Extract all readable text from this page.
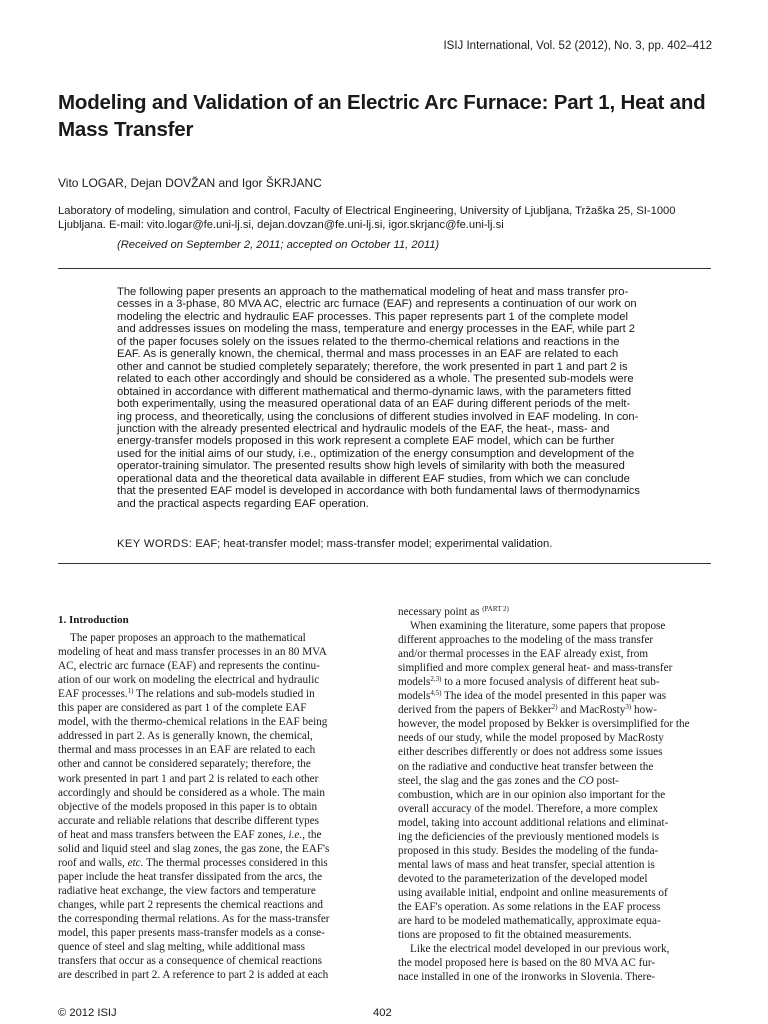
ISIJ International, Vol. 52 (2012), No. 3, pp. 402–412
Modeling and Validation of an Electric Arc Furnace: Part 1, Heat and Mass Transfer
Vito LOGAR, Dejan DOVŽAN and Igor ŠKRJANC
Laboratory of modeling, simulation and control, Faculty of Electrical Engineering, University of Ljubljana, Tržaška 25, SI-1000
Ljubljana. E-mail: vito.logar@fe.uni-lj.si, dejan.dovzan@fe.uni-lj.si, igor.skrjanc@fe.uni-lj.si
(Received on September 2, 2011; accepted on October 11, 2011)
The following paper presents an approach to the mathematical modeling of heat and mass transfer pro-
cesses in a 3-phase, 80 MVA AC, electric arc furnace (EAF) and represents a continuation of our work on
modeling the electric and hydraulic EAF processes. This paper represents part 1 of the complete model
and addresses issues on modeling the mass, temperature and energy processes in the EAF, while part 2
of the paper focuses solely on the issues related to the thermo-chemical relations and reactions in the
EAF. As is generally known, the chemical, thermal and mass processes in an EAF are related to each
other and cannot be studied completely separately; therefore, the work presented in part 1 and part 2 is
related to each other accordingly and should be considered as a whole. The presented sub-models were
obtained in accordance with different mathematical and thermo-dynamic laws, with the parameters fitted
both experimentally, using the measured operational data of an EAF during different periods of the melt-
ing process, and theoretically, using the conclusions of different studies involved in EAF modeling. In con-
junction with the already presented electrical and hydraulic models of the EAF, the heat-, mass- and
energy-transfer models proposed in this work represent a complete EAF model, which can be further
used for the initial aims of our study, i.e., optimization of the energy consumption and development of the
operator-training simulator. The presented results show high levels of similarity with both the measured
operational data and the theoretical data available in different EAF studies, from which we can conclude
that the presented EAF model is developed in accordance with both fundamental laws of thermodynamics
and the practical aspects regarding EAF operation.
KEY WORDS: EAF; heat-transfer model; mass-transfer model; experimental validation.
1. Introduction
The paper proposes an approach to the mathematical
modeling of heat and mass transfer processes in an 80 MVA
AC, electric arc furnace (EAF) and represents the continu-
ation of our work on modeling the electrical and hydraulic
EAF processes.$^{1)}$ The relations and sub-models studied in
this paper are considered as part 1 of the complete EAF
model, with the thermo-chemical relations in the EAF being
addressed in part 2. As is generally known, the chemical,
thermal and mass processes in an EAF are related to each
other and cannot be considered separately; therefore, the
work presented in part 1 and part 2 is related to each other
accordingly and should be considered as a whole. The main
objective of the models proposed in this paper is to obtain
accurate and reliable relations that describe different types
of heat and mass transfers between the EAF zones, i.e., the
solid and liquid steel and slag zones, the gas zone, the EAF's
roof and walls, etc. The thermal processes considered in this
paper include the heat transfer dissipated from the arcs, the
radiative heat exchange, the view factors and temperature
changes, while part 2 represents the chemical reactions and
the corresponding thermal relations. As for the mass-transfer
model, this paper presents mass-transfer models as a conse-
quence of steel and slag melting, while additional mass
transfers that occur as a consequence of chemical reactions
are described in part 2. A reference to part 2 is added at each
necessary point as $^{(PART 2)}$
When examining the literature, some papers that propose
different approaches to the modeling of the mass transfer
and/or thermal processes in the EAF already exist, from
simplified and more complex general heat- and mass-transfer
models$^{2,3)}$ to a more focused analysis of different heat sub-
models$^{4,5)}$ The idea of the model presented in this paper was
derived from the papers of Bekker$^{2)}$ and MacRosty$^{3)}$ how-
however, the model proposed by Bekker is oversimplified for the
needs of our study, while the model proposed by MacRosty
either describes differently or does not address some issues
on the radiative and conductive heat transfer between the
steel, the slag and the gas zones and the CO post-
combustion, which are in our opinion also important for the
overall accuracy of the model. Therefore, a more complex
model, taking into account additional relations and eliminat-
ing the deficiencies of the previously mentioned models is
proposed in this study. Besides the modeling of the funda-
mental laws of mass and heat transfer, special attention is
devoted to the parameterization of the developed model
using available initial, endpoint and online measurements of
the EAF's operation. As some relations in the EAF process
are hard to be modeled mathematically, approximate equa-
tions are proposed to fit the obtained measurements.
Like the electrical model developed in our previous work,
the model proposed here is based on the 80 MVA AC fur-
nace installed in one of the ironworks in Slovenia. There-
© 2012 ISIJ	402
